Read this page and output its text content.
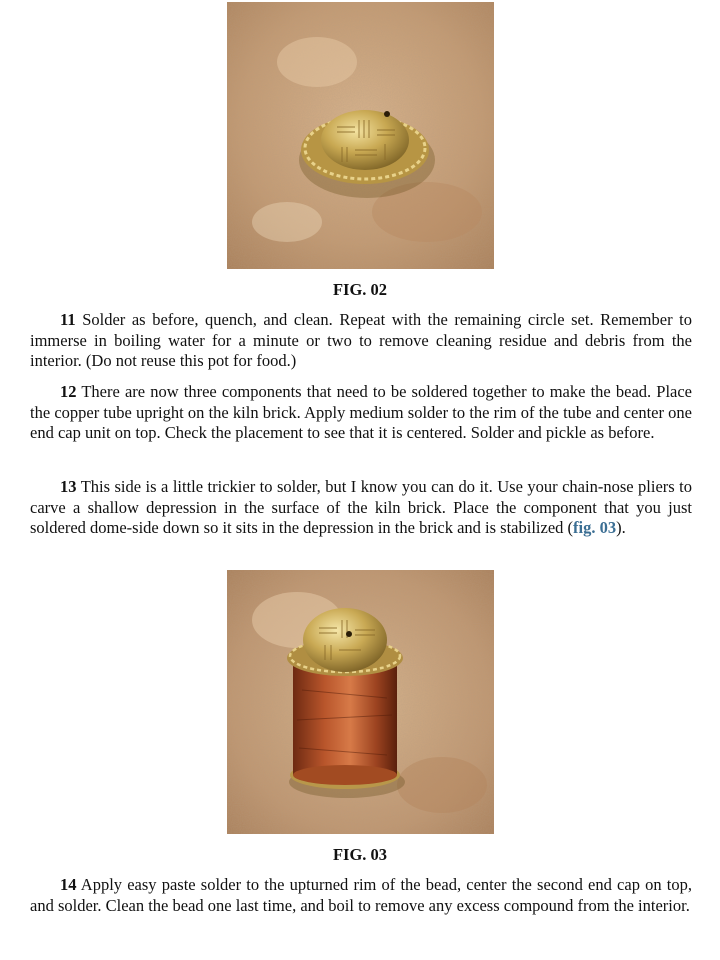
FIG. 02

11 Solder as before, quench, and clean. Repeat with the remaining circle set. Remember to immerse in boiling water for a minute or two to remove cleaning residue and debris from the interior. (Do not reuse this pot for food.)

12 There are now three components that need to be soldered together to make the bead. Place the copper tube upright on the kiln brick. Apply medium solder to the rim of the tube and center one end cap unit on top. Check the placement to see that it is centered. Solder and pickle as before.

13 This side is a little trickier to solder, but I know you can do it. Use your chain-nose pliers to carve a shallow depression in the surface of the kiln brick. Place the component that you just soldered dome-side down so it sits in the depression in the brick and is stabilized (fig. 03).

FIG. 03

14 Apply easy paste solder to the upturned rim of the bead, center the second end cap on top, and solder. Clean the bead one last time, and boil to remove any excess compound from the interior.
